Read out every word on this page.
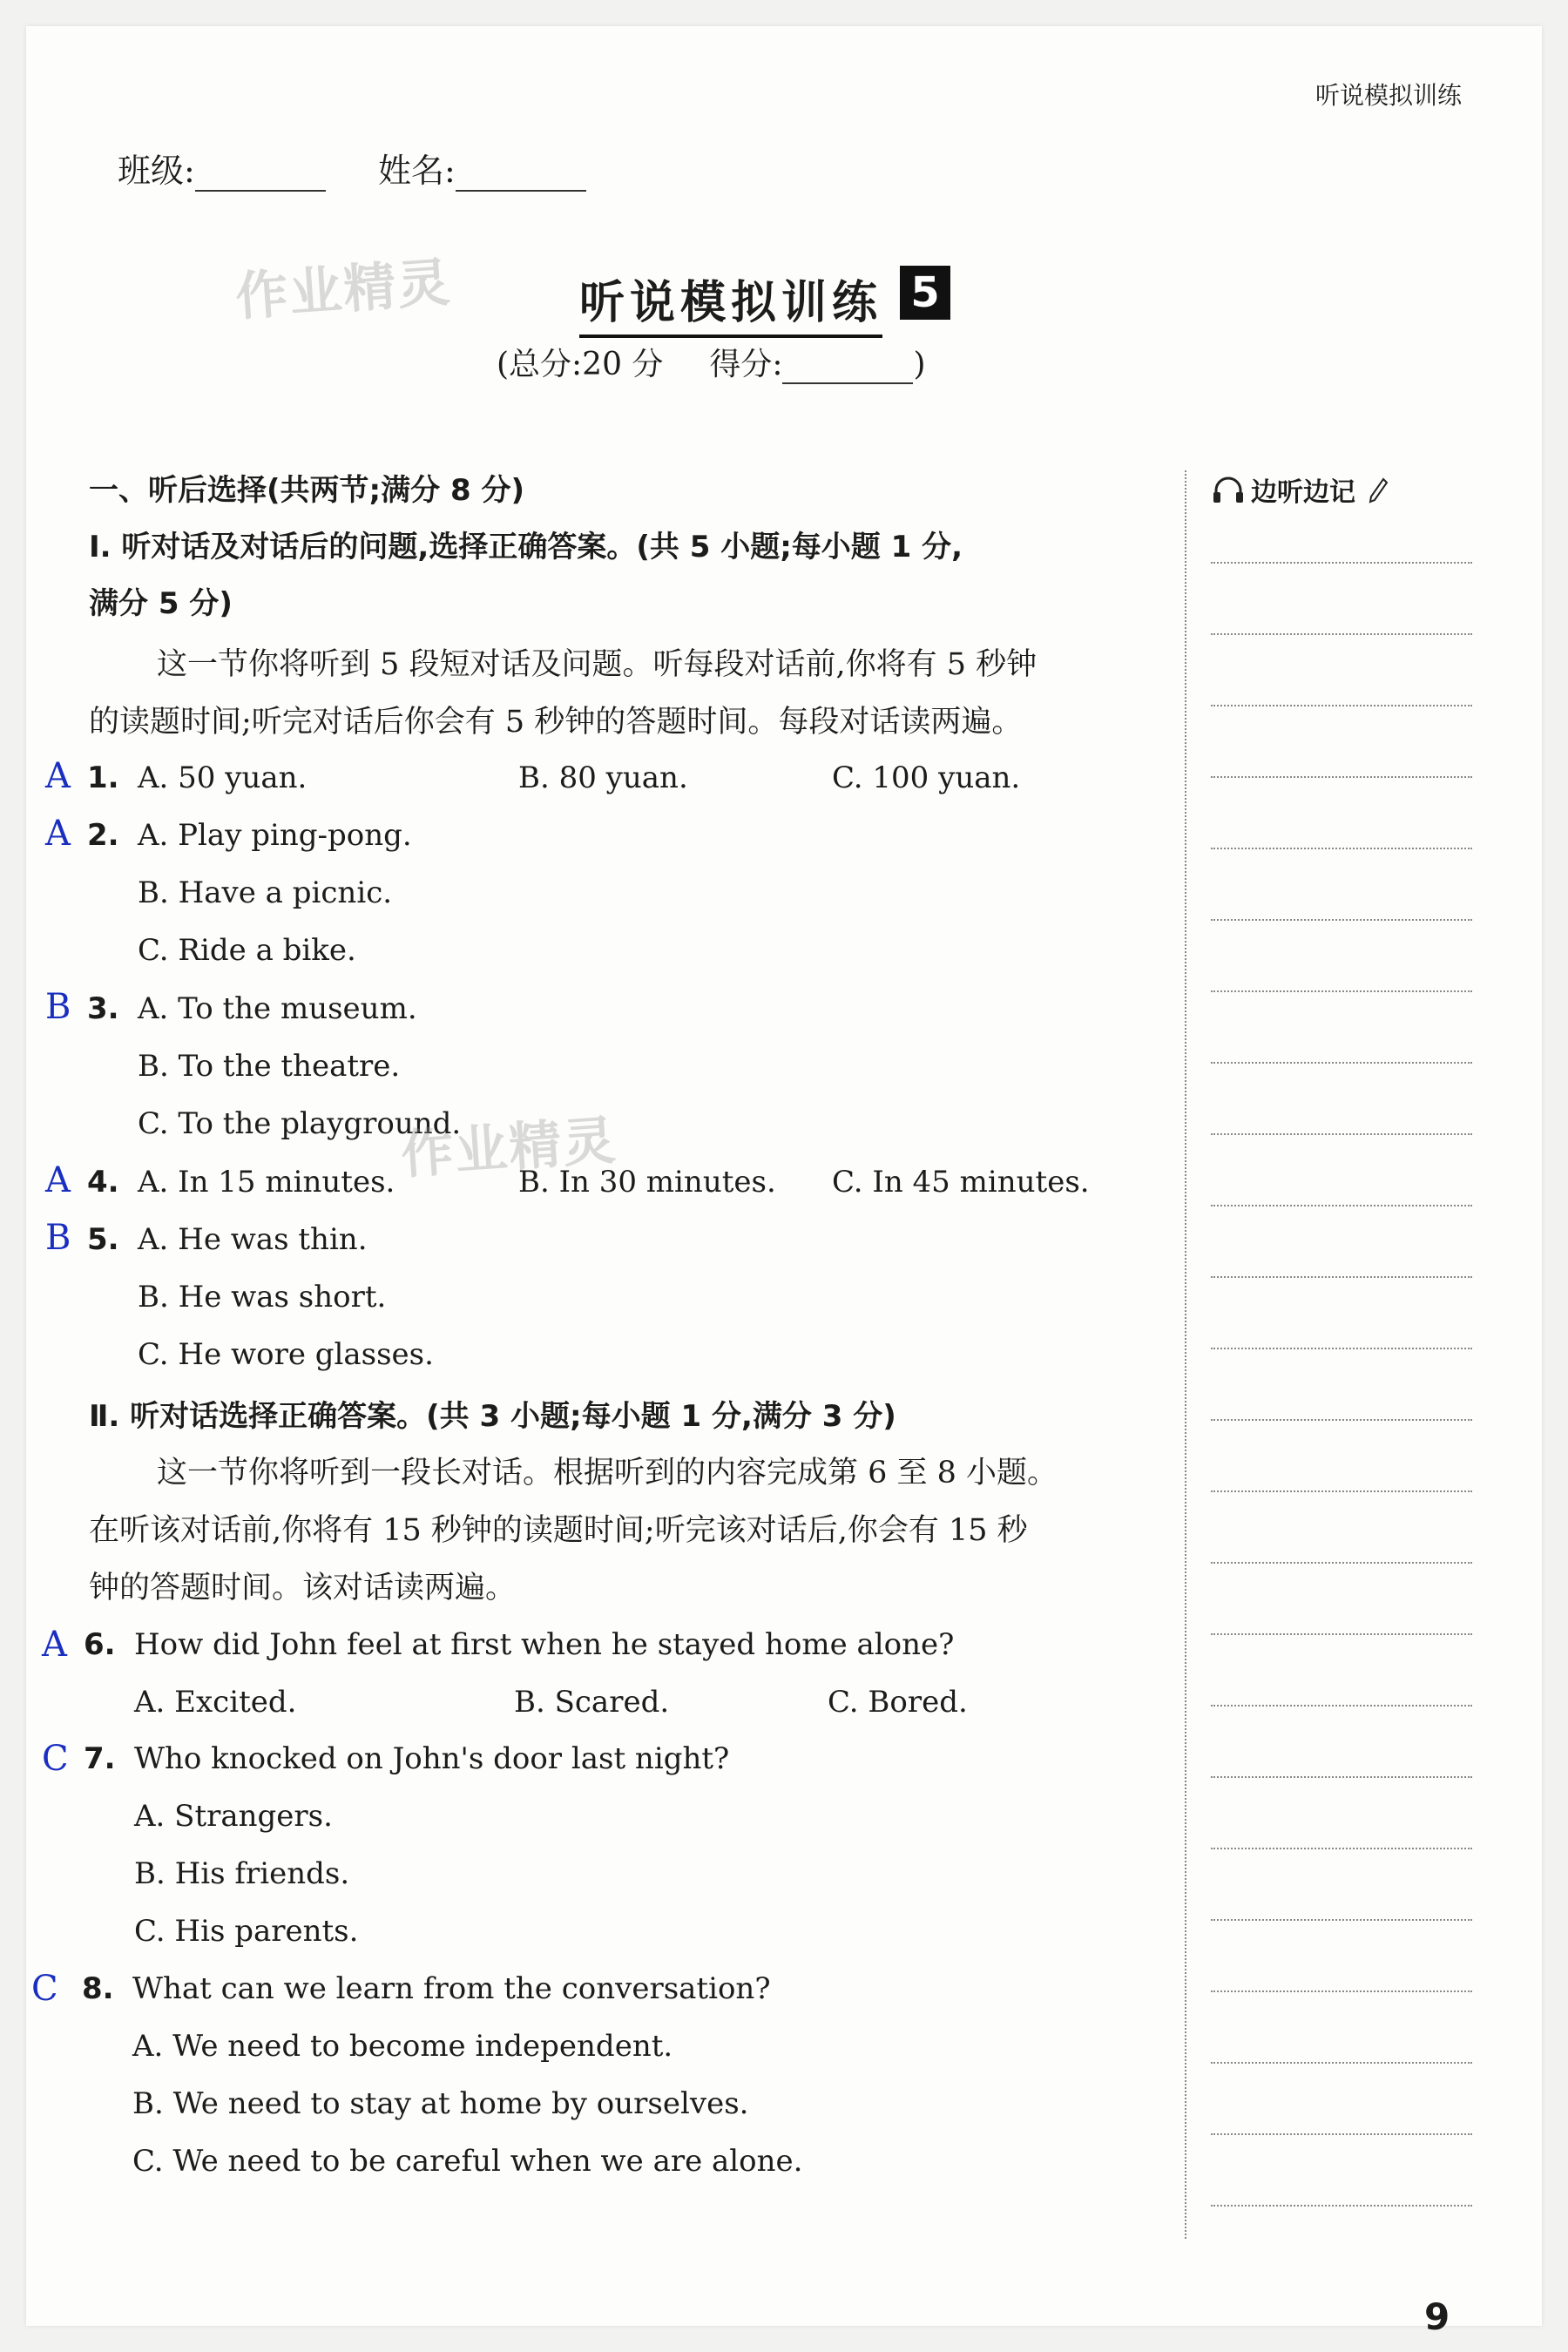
听说模拟训练
班级:	姓名:
作业精灵	听说模拟训练 5
(总分:20 分 得分:	)
一、听后选择(共两节;满分 8 分)
Ⅰ. 听对话及对话后的问题,选择正确答案。(共 5 小题;每小题 1 分,
满分 5 分)
这一节你将听到 5 段短对话及问题。听每段对话前,你将有 5 秒钟
的读题时间;听完对话后你会有 5 秒钟的答题时间。每段对话读两遍。
A 1. A. 50 yuan.	B. 80 yuan.	C. 100 yuan.
A 2. A. Play ping-pong.
B. Have a picnic.
C. Ride a bike.
B 3. A. To the museum.
B. To the theatre.
C. To the playground.
作业精灵
A 4. A. In 15 minutes.	B. In 30 minutes. C. In 45 minutes.
B 5. A. He was thin.
B. He was short.
C. He wore glasses.
Ⅱ. 听对话选择正确答案。(共 3 小题;每小题 1 分,满分 3 分)
这一节你将听到一段长对话。根据听到的内容完成第 6 至 8 小题。
在听该对话前,你将有 15 秒钟的读题时间;听完该对话后,你会有 15 秒
钟的答题时间。该对话读两遍。
A 6. How did John feel at first when he stayed home alone?
A. Excited.	B. Scared.	C. Bored.
C 7. Who knocked on John's door last night?
A. Strangers.
B. His friends.
C. His parents.
C 8. What can we learn from the conversation?
A. We need to become independent.
B. We need to stay at home by ourselves.
C. We need to be careful when we are alone.
边听边记
9
